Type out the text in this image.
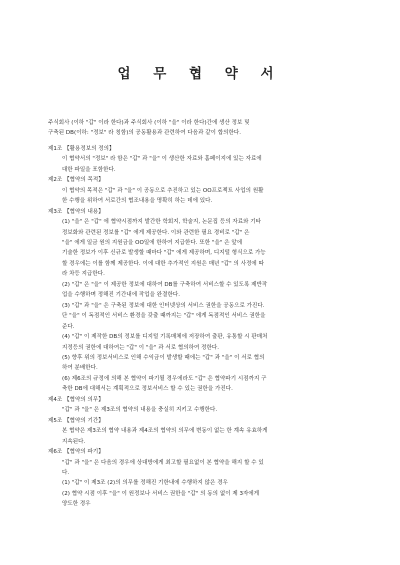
업 무 협 약 서
주식회사 (이하 "갑" 이라 한다)과 주식회사 (이하 "을" 이라 한다)간에 생산 정보 및
구축된 DB(이하: "정보" 라 칭함)의 공동활용과 관련하여 다음과 같이 합의한다.
제1조 【활용정보의 정의】
이 협약서의 "정보" 라 함은 "갑" 과 "을" 이 생산한 자료와 홈페이지에 있는 자료에
대한 파일을 포함한다.
제2조 【협약의 목적】
이 협약의 목적은 "갑" 과 "을" 이 공동으로 추진하고 있는 OO프로젝트 사업의 원활
한 수행을 위하여 서로간의 협조내용을 명확히 하는 데에 있다.
제3조 【협약의 내용】
(1) "을" 은 "갑" 에 협약시점까지 발간한 학회지, 학술지, 논문집 등의 자료와 기타
정보화와 관련된 정보를 "갑" 에게 제공한다. 이와 관련한 필요 경비로 "갑" 은
"을" 에게 일금 원의 지원금을 OO일에 한하여 지급한다. 또한 "을" 은 앞에
기술한 정보가 이후 신규로 발생할 때마다 "갑" 에게 제공하며, 디지털 형식으로 가능
할 경우에는 이를 함께 제공한다. 이에 대한 추가적인 지원은 매년 "갑" 의 사정에 따
라 차등 지급한다.
(2) "갑" 은 "을" 이 제공한 정보에 대하여 DB를 구축하여 서비스할 수 있도록 제반작
업을 수행하며 정해진 기간내에 작업을 완결한다.
(3) "갑" 과 "을" 은 구축된 정보에 대한 인터넷상의 서비스 권한을 공동으로 가진다.
단 "을" 이 독점적인 서비스 환경을 갖출 때까지는 "갑" 에게 독점적인 서비스 권한을
준다.
(4) "갑" 이 제작한 DB의 정보를 디지털 기록매체에 저장하여 출판, 유통할 시 판매처
지정등의 권한에 대하여는 "갑" 이 "을" 과 서로 협의하여 정한다.
(5) 향후 위의 정보서비스로 인해 수익금이 발생할 때에는 "갑" 과 "을" 이 서로 협의
하여 분배한다.
(6) 제6조의 규정에 의해 본 협약이 파기될 경우에라도 "갑" 은 협약파기 시점까지 구
축한 DB에 대해서는 계획적으로 정보서비스 할 수 있는 권한을 가진다.
제4조 【협약의 의무】
"갑" 과 "을" 은 제3조의 협약의 내용을 충실히 지키고 수행한다.
제5조 【협약의 기간】
본 협약은 제3조의 협약 내용과 제4조의 협약의 의무에 변동이 없는 한 계속 유효하게
지속된다.
제6조 【협약의 파기】
"갑" 과 "을" 은 다음의 경우에 상대방에게 최고할 필요없이 본 협약을 해지 할 수 있
다.
(1) "갑" 이 제3조 (2)의 의무를 정해진 기한내에 수행하지 않은 경우
(2) 협약 시점 이후 "을" 이 원정보나 서비스 권한을 "갑" 의 동의 없이 제 3자에게
양도한 경우
